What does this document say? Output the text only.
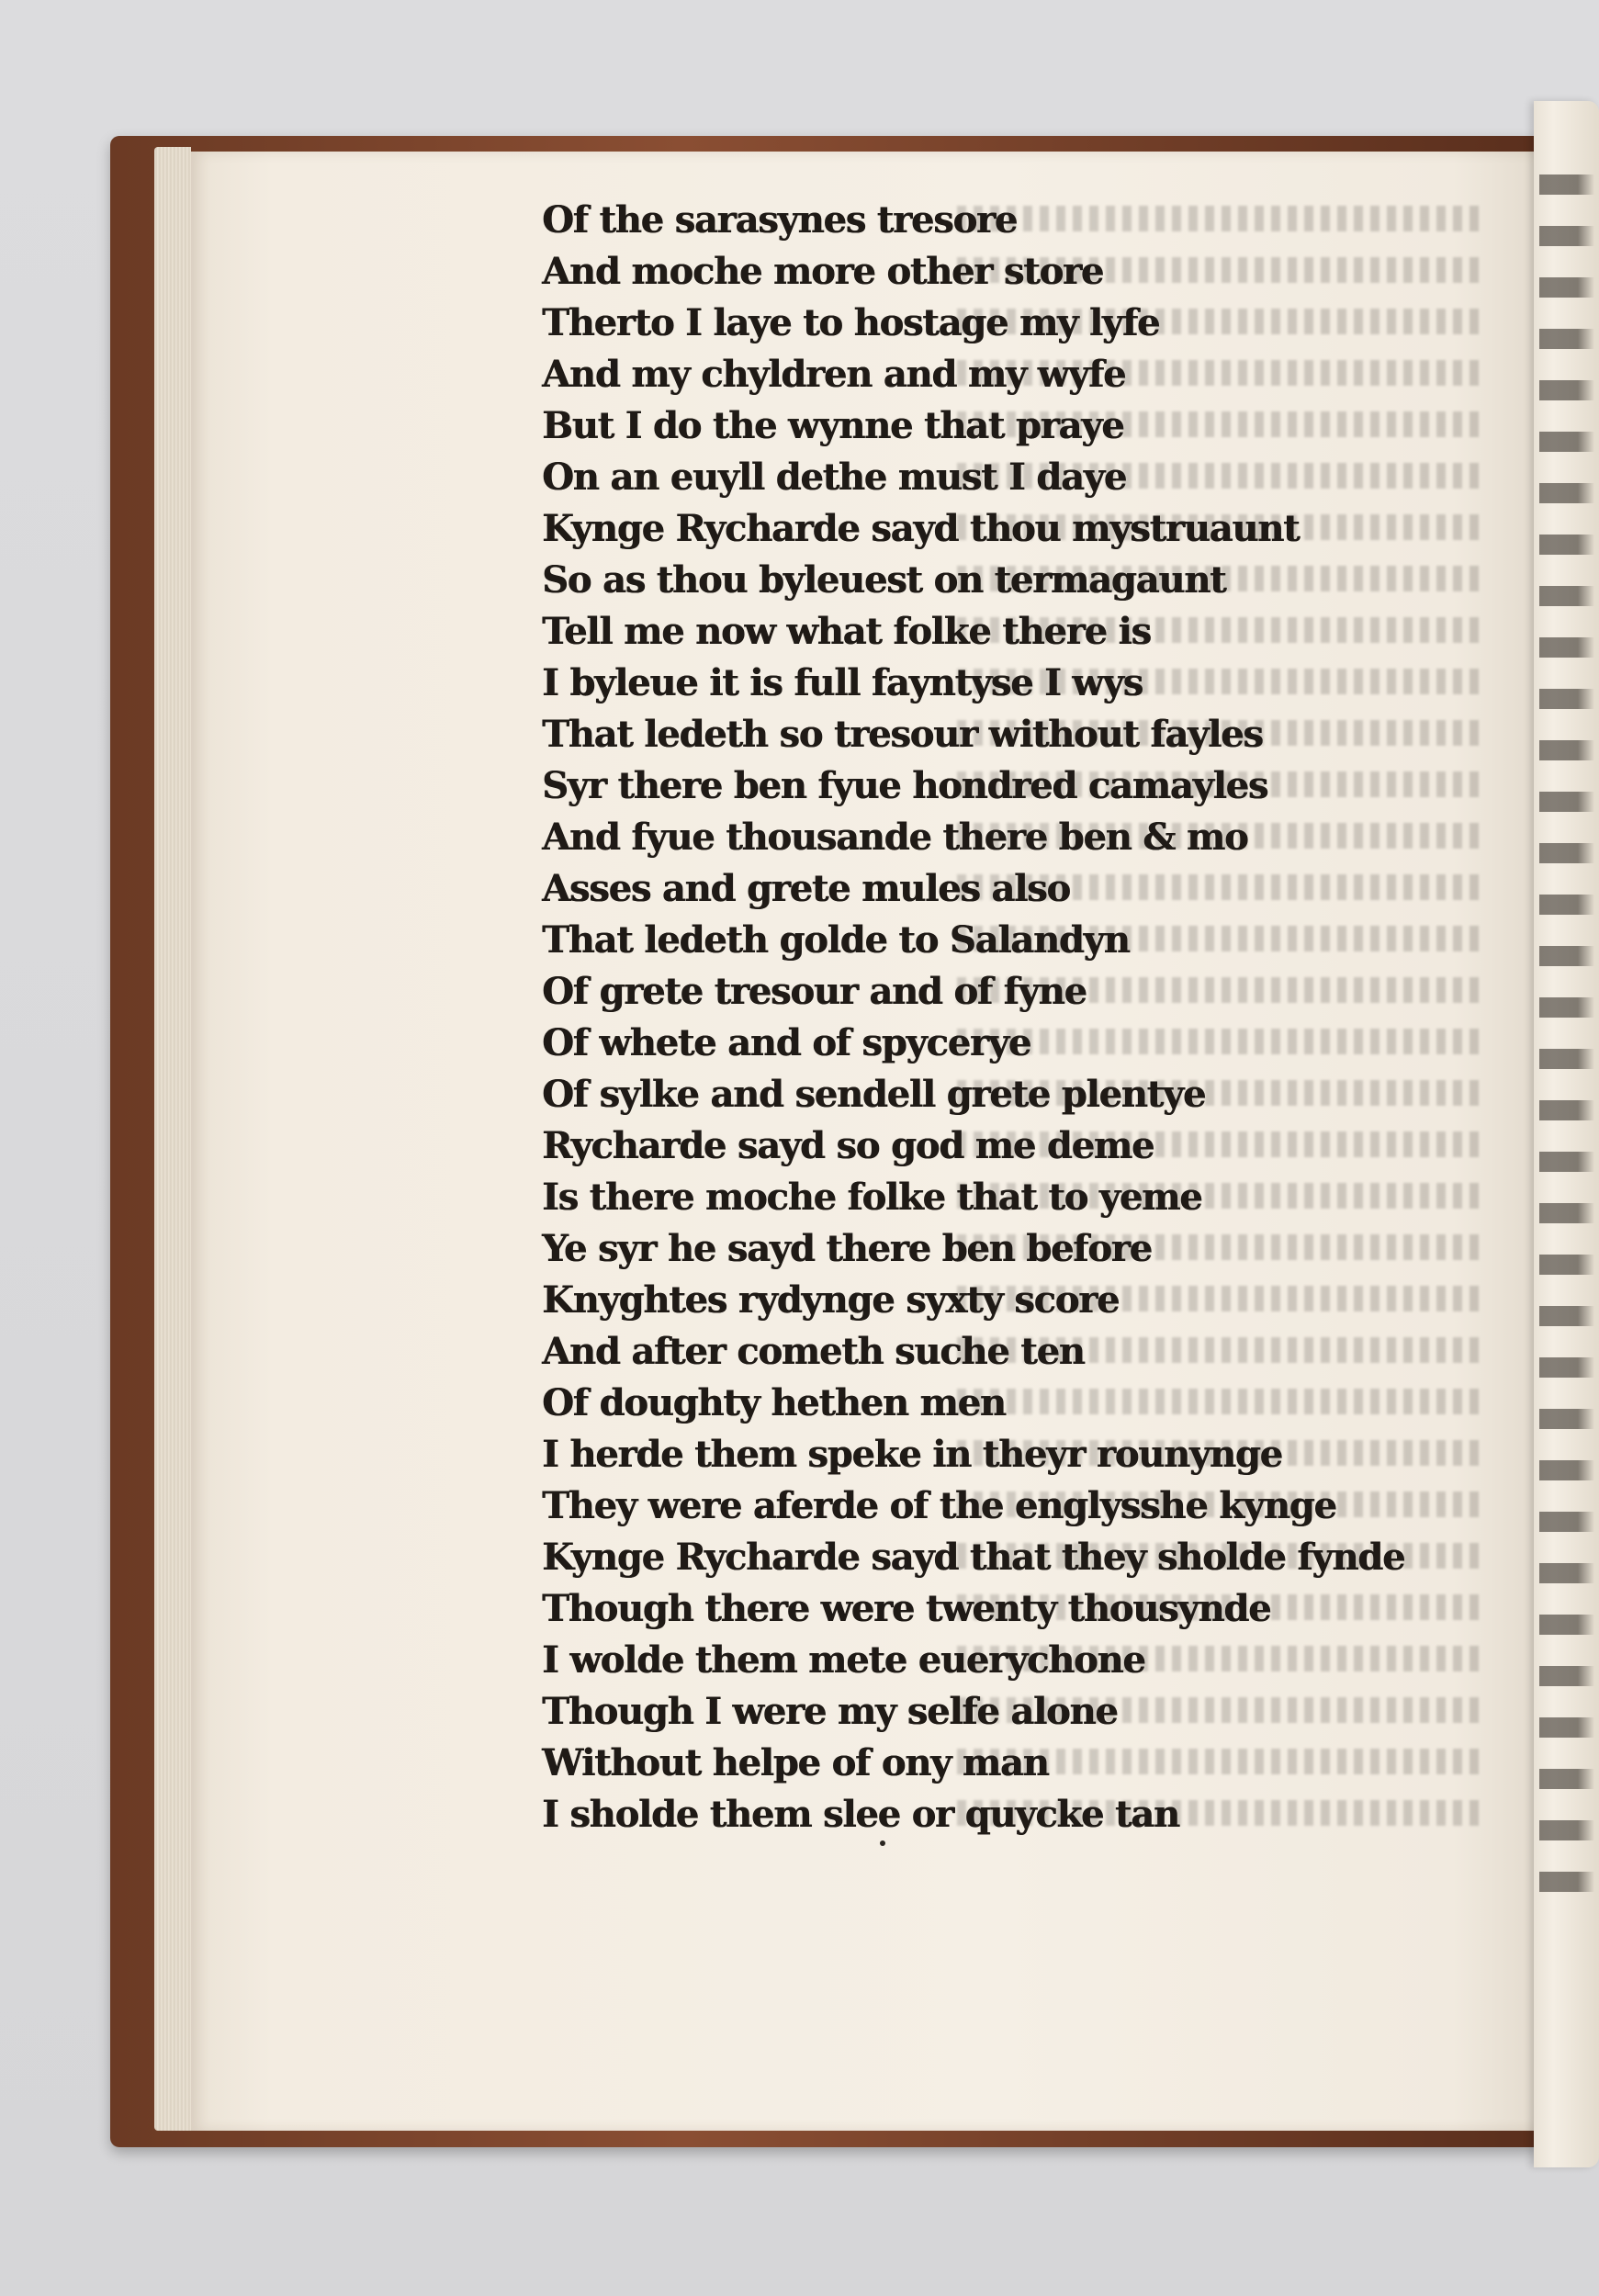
Of the sarasynes tresore
And moche more other store
Therto I laye to hostage my lyfe
And my chyldren and my wyfe
But I do the wynne that praye
On an euyll dethe must I daye
Kynge Rycharde sayd thou mystruaunt
So as thou byleuest on termagaunt
Tell me now what folke there is
I byleue it is full fayntyse I wys
That ledeth so tresour without fayles
Syr there ben fyue hondred camayles
And fyue thousande there ben & mo
Asses and grete mules also
That ledeth golde to Salandyn
Of grete tresour and of fyne
Of whete and of spycerye
Of sylke and sendell grete plentye
Rycharde sayd so god me deme
Is there moche folke that to yeme
Ye syr he sayd there ben before
Knyghtes rydynge syxty score
And after cometh suche ten
Of doughty hethen men
I herde them speke in theyr rounynge
They were aferde of the englysshe kynge
Kynge Rycharde sayd that they sholde fynde
Though there were twenty thousynde
I wolde them mete euerychone
Though I were my selfe alone
Without helpe of ony man
I sholde them slee or quycke tan
